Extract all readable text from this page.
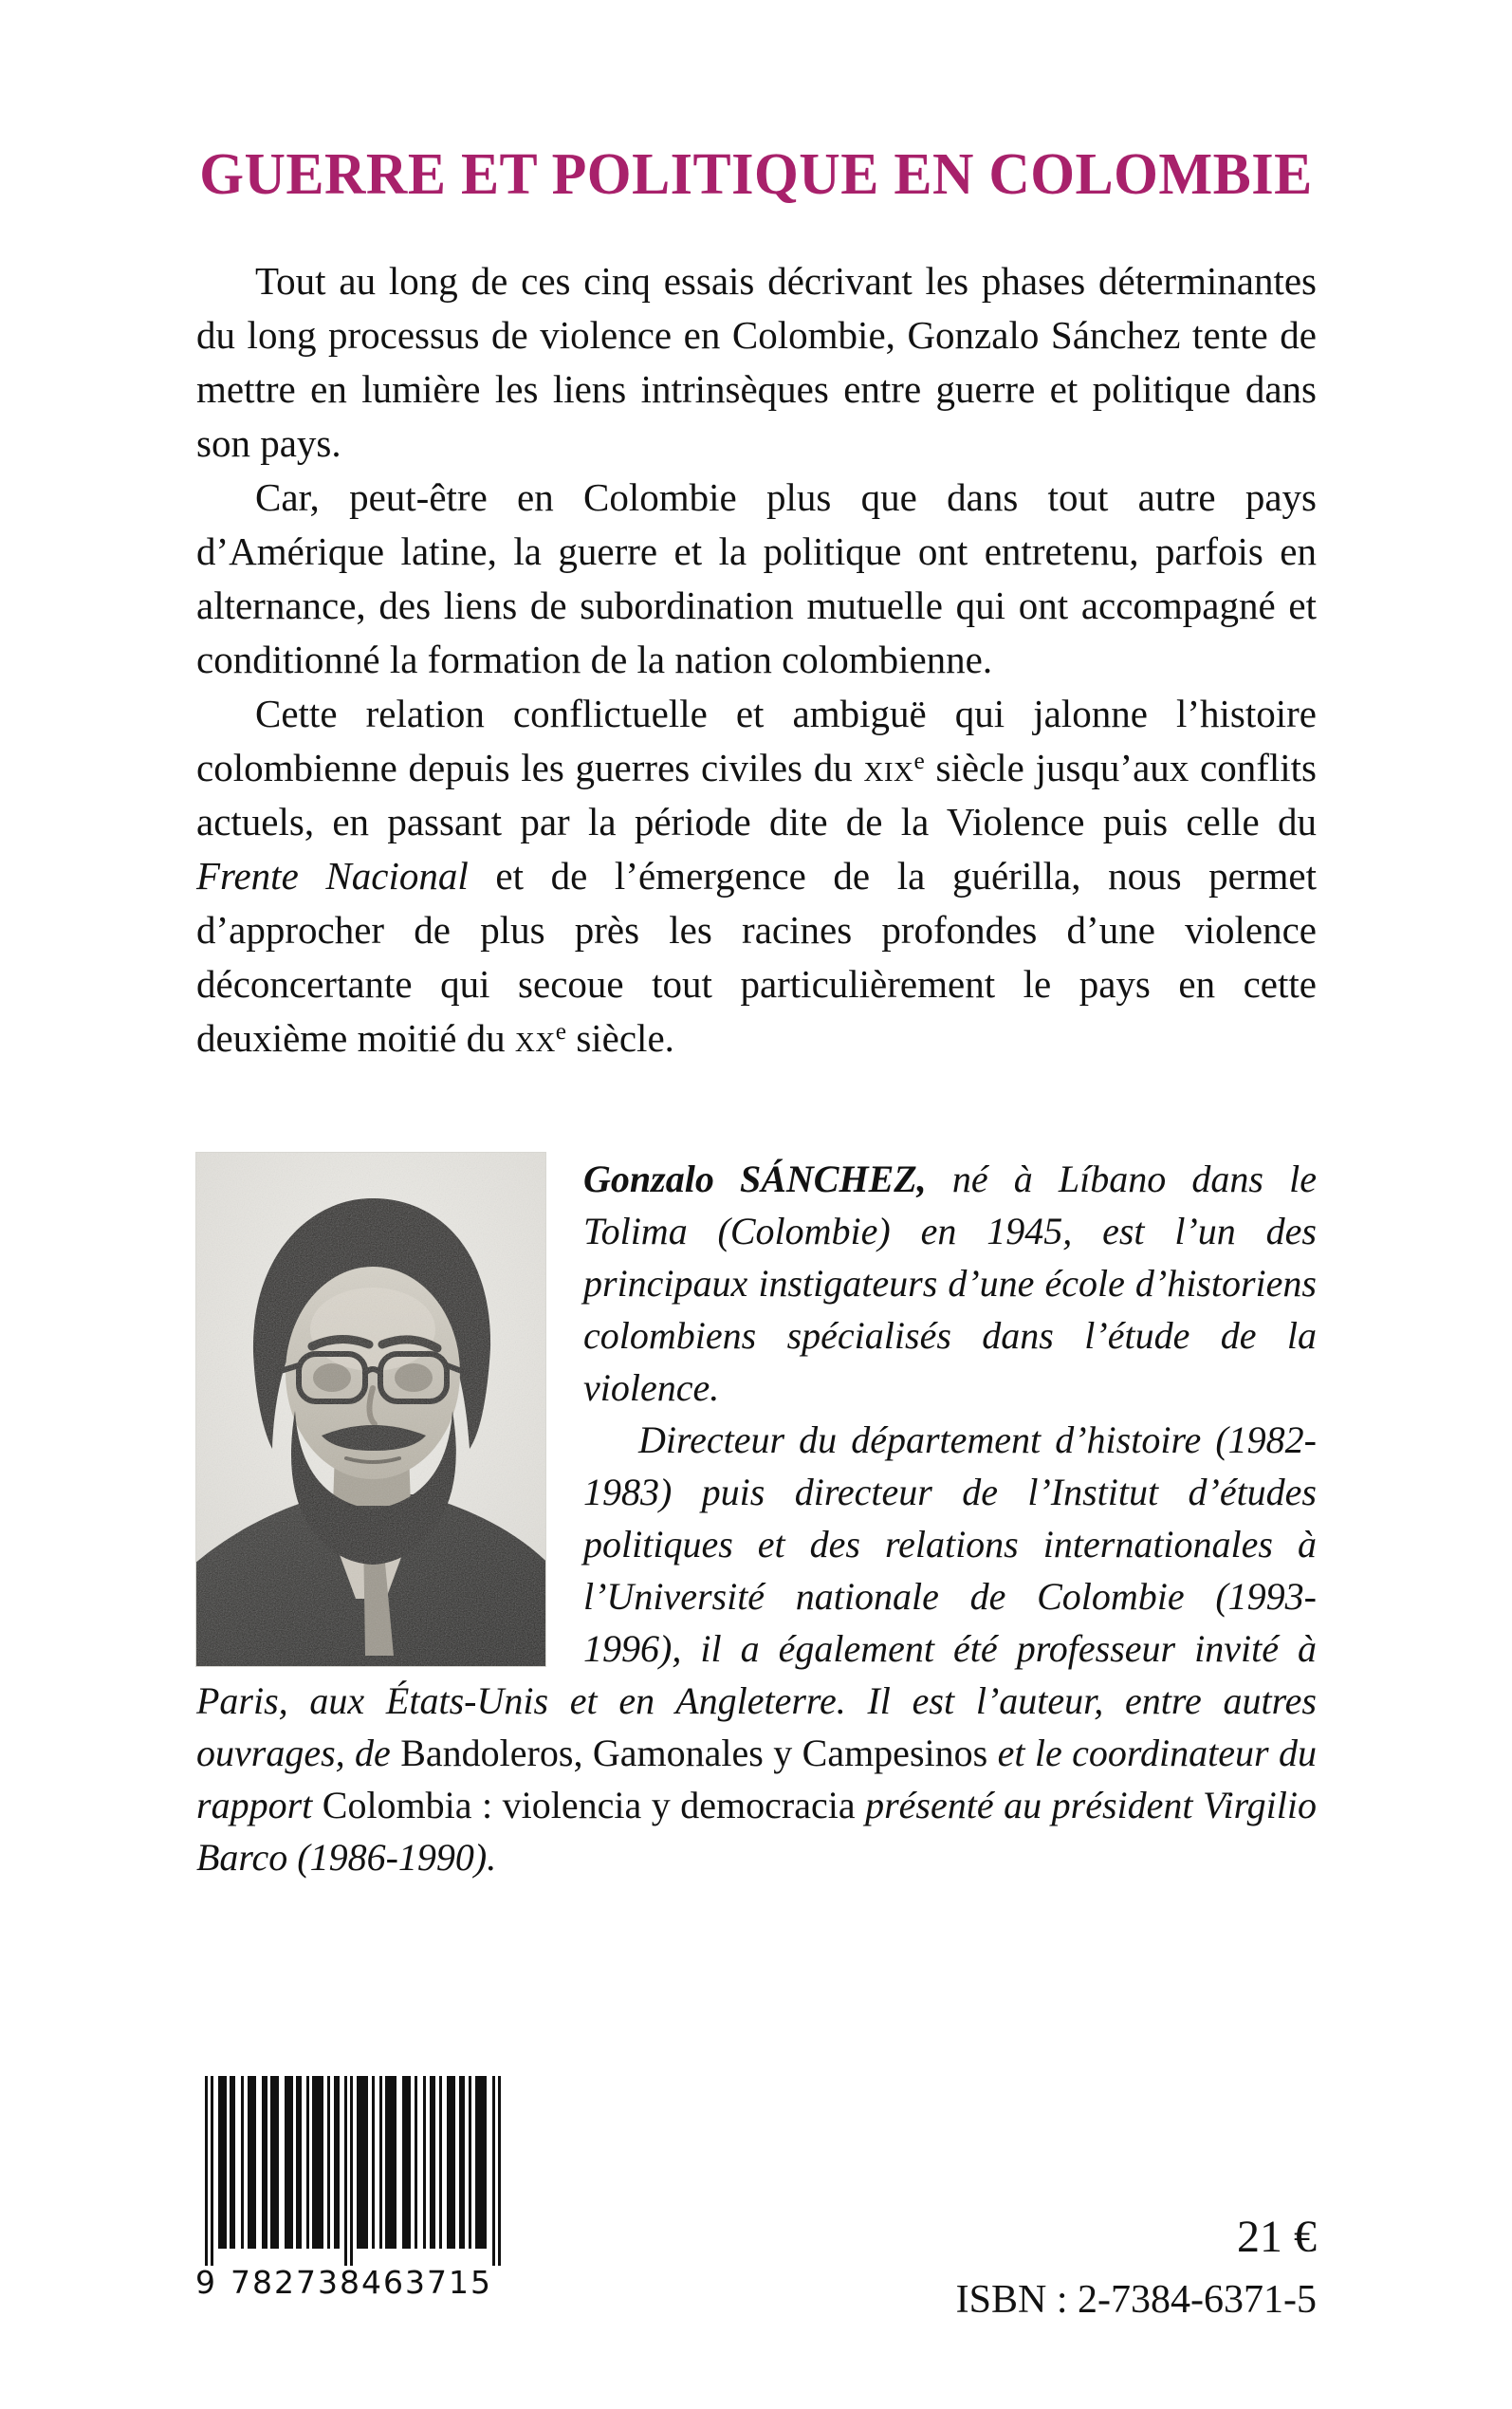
GUERRE ET POLITIQUE EN COLOMBIE

Tout au long de ces cinq essais décrivant les phases déterminantes du long processus de violence en Colombie, Gonzalo Sánchez tente de mettre en lumière les liens intrinsèques entre guerre et politique dans son pays.

Car, peut-être en Colombie plus que dans tout autre pays d’Amérique latine, la guerre et la politique ont entretenu, parfois en alternance, des liens de subordination mutuelle qui ont accompagné et conditionné la formation de la nation colombienne.

Cette relation conflictuelle et ambiguë qui jalonne l’histoire colombienne depuis les guerres civiles du xix$^e$ siècle jusqu’aux conflits actuels, en passant par la période dite de la Violence puis celle du Frente Nacional et de l’émergence de la guérilla, nous permet d’approcher de plus près les racines profondes d’une violence déconcertante qui secoue tout particulièrement le pays en cette deuxième moitié du $xx^e$ siècle.

Gonzalo SÁNCHEZ, né à Líbano dans le Tolima (Colombie) en 1945, est l’un des principaux instigateurs d’une école d’historiens colombiens spécialisés dans l’étude de la violence.

Directeur du département d’histoire (1982-1983) puis directeur de l’Institut d’études politiques et des relations internationales à l’Université nationale de Colombie (1993-1996), il a également été professeur invité à Paris, aux États-Unis et en Angleterre. Il est l’auteur, entre autres ouvrages, de Bandoleros, Gamonales y Campesinos et le coordinateur du rapport Colombia : violencia y democracia présenté au président Virgilio Barco (1986-1990).

9 782738463715
21 €
ISBN : 2-7384-6371-5
